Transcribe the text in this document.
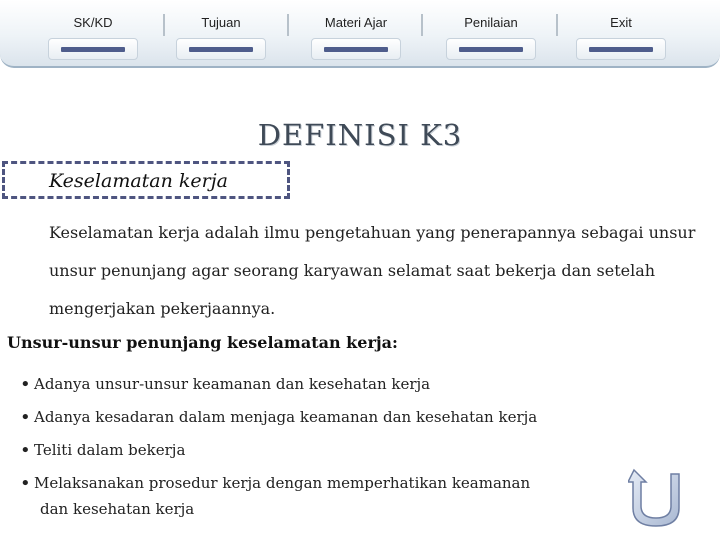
SK/KD	Tujuan	Materi Ajar	Penilaian	Exit
DEFINISI K3
Keselamatan kerja
Keselamatan kerja adalah ilmu pengetahuan yang penerapannya sebagai unsur unsur penunjang agar seorang karyawan selamat saat bekerja dan setelah mengerjakan pekerjaannya.
Unsur-unsur penunjang keselamatan kerja:
• Adanya unsur-unsur keamanan dan kesehatan kerja
• Adanya kesadaran dalam menjaga keamanan dan kesehatan kerja
• Teliti dalam bekerja
• Melaksanakan prosedur kerja dengan memperhatikan keamanan
dan kesehatan kerja
